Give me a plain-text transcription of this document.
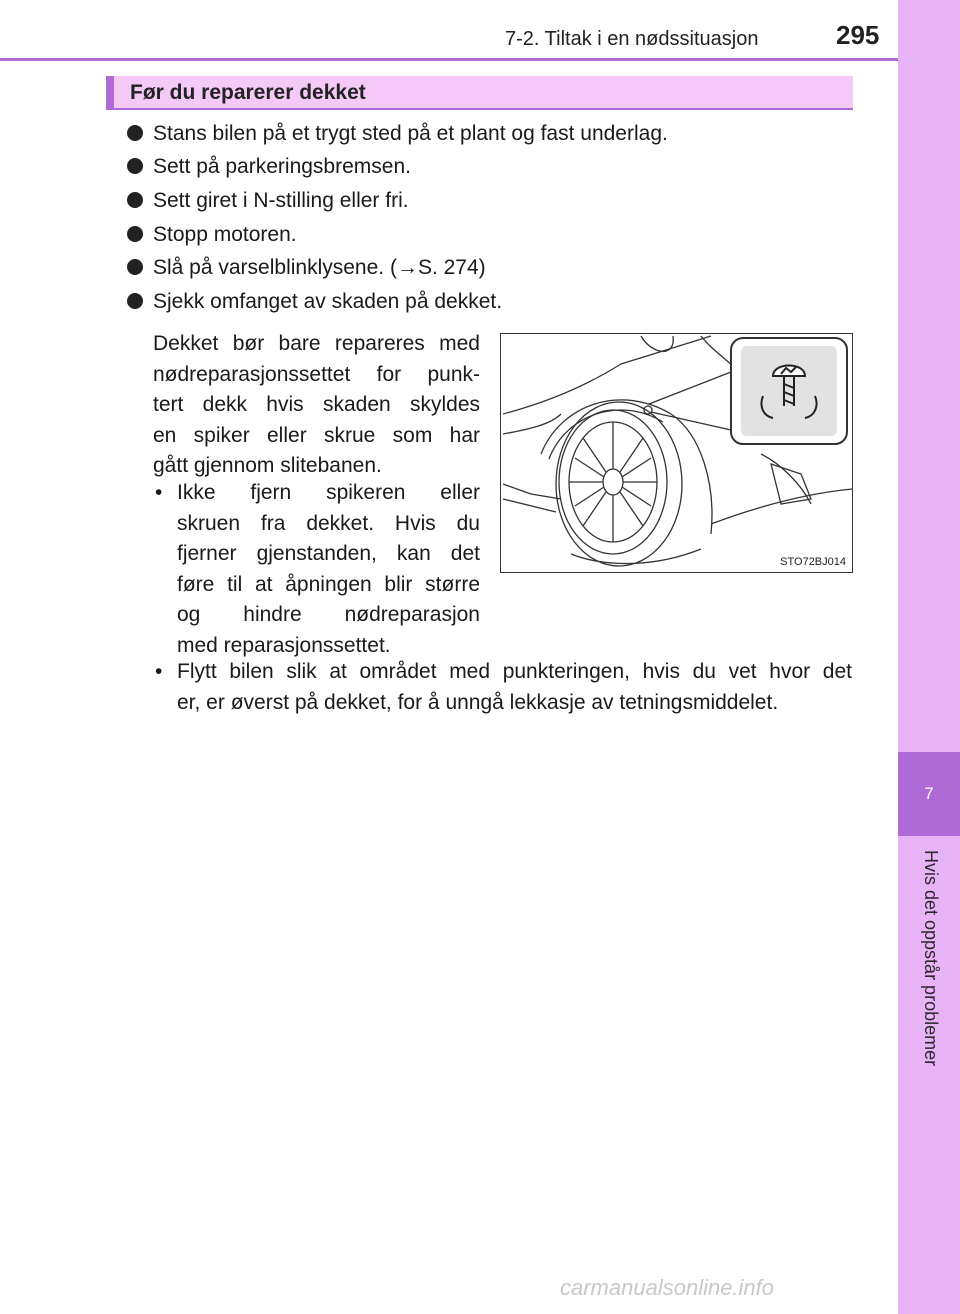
7-2. Tiltak i en nødssituasjon	295
7
Hvis det oppstår problemer
Før du reparerer dekket
Stans bilen på et trygt sted på et plant og fast underlag.
Sett på parkeringsbremsen.
Sett giret i N-stilling eller fri.
Stopp motoren.
Slå på varselblinklysene. (→S. 274)
Sjekk omfanget av skaden på dekket.
Dekket bør bare repareres med
nødreparasjonssettet for punk-
tert dekk hvis skaden skyldes
en spiker eller skrue som har
gått gjennom slitebanen.
• Ikke fjern spikeren eller
skruen fra dekket. Hvis du
fjerner gjenstanden, kan det
føre til at åpningen blir større
og hindre nødreparasjon
med reparasjonssettet.
• Flytt bilen slik at området med punkteringen, hvis du vet hvor det
er, er øverst på dekket, for å unngå lekkasje av tetningsmiddelet.
STO72BJ014
carmanualsonline.info
